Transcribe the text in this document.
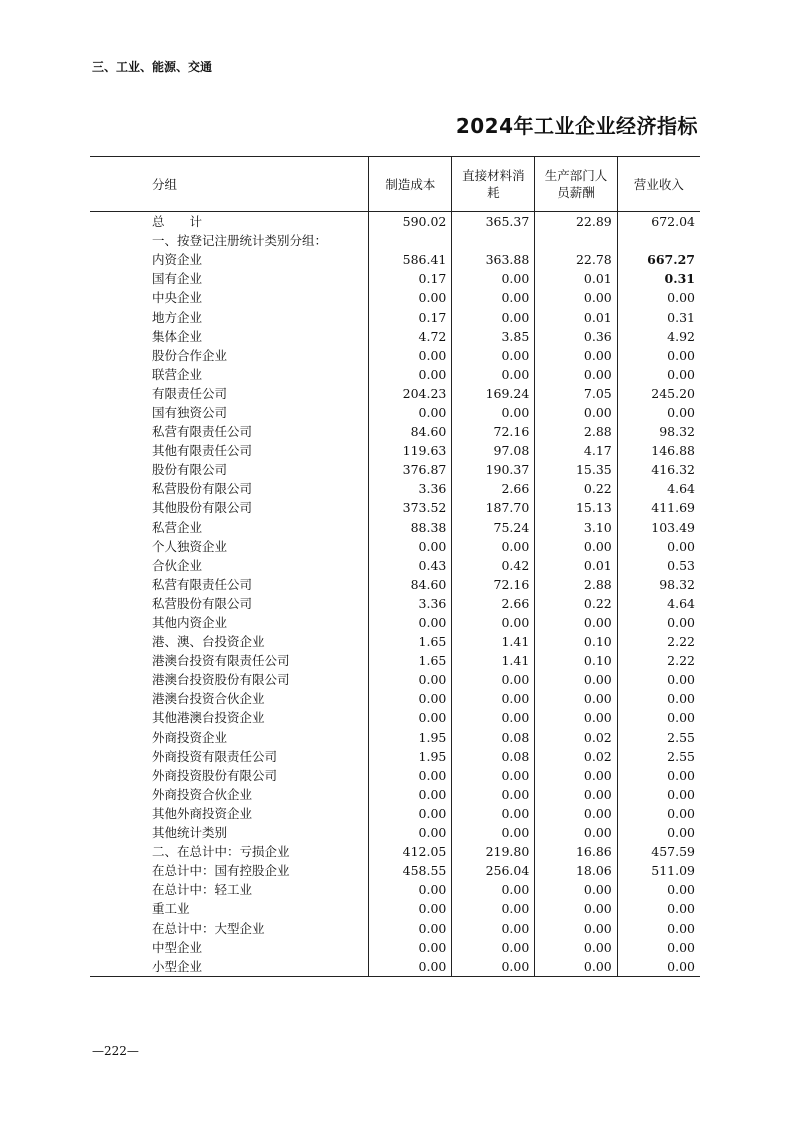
三、工业、能源、交通
2024年工业企业经济指标
分组	制造成本	直接材料消耗	生产部门人员薪酬	营业收入
总　　计	590.02	365.37	22.89	672.04
一、按登记注册统计类别分组：				
内资企业	586.41	363.88	22.78	667.27
国有企业	0.17	0.00	0.01	0.31
中央企业	0.00	0.00	0.00	0.00
地方企业	0.17	0.00	0.01	0.31
集体企业	4.72	3.85	0.36	4.92
股份合作企业	0.00	0.00	0.00	0.00
联营企业	0.00	0.00	0.00	0.00
有限责任公司	204.23	169.24	7.05	245.20
国有独资公司	0.00	0.00	0.00	0.00
私营有限责任公司	84.60	72.16	2.88	98.32
其他有限责任公司	119.63	97.08	4.17	146.88
股份有限公司	376.87	190.37	15.35	416.32
私营股份有限公司	3.36	2.66	0.22	4.64
其他股份有限公司	373.52	187.70	15.13	411.69
私营企业	88.38	75.24	3.10	103.49
个人独资企业	0.00	0.00	0.00	0.00
合伙企业	0.43	0.42	0.01	0.53
私营有限责任公司	84.60	72.16	2.88	98.32
私营股份有限公司	3.36	2.66	0.22	4.64
其他内资企业	0.00	0.00	0.00	0.00
港、澳、台投资企业	1.65	1.41	0.10	2.22
港澳台投资有限责任公司	1.65	1.41	0.10	2.22
港澳台投资股份有限公司	0.00	0.00	0.00	0.00
港澳台投资合伙企业	0.00	0.00	0.00	0.00
其他港澳台投资企业	0.00	0.00	0.00	0.00
外商投资企业	1.95	0.08	0.02	2.55
外商投资有限责任公司	1.95	0.08	0.02	2.55
外商投资股份有限公司	0.00	0.00	0.00	0.00
外商投资合伙企业	0.00	0.00	0.00	0.00
其他外商投资企业	0.00	0.00	0.00	0.00
其他统计类别	0.00	0.00	0.00	0.00
二、在总计中：亏损企业	412.05	219.80	16.86	457.59
在总计中：国有控股企业	458.55	256.04	18.06	511.09
在总计中：轻工业	0.00	0.00	0.00	0.00
重工业	0.00	0.00	0.00	0.00
在总计中：大型企业	0.00	0.00	0.00	0.00
中型企业	0.00	0.00	0.00	0.00
小型企业	0.00	0.00	0.00	0.00
—222—
